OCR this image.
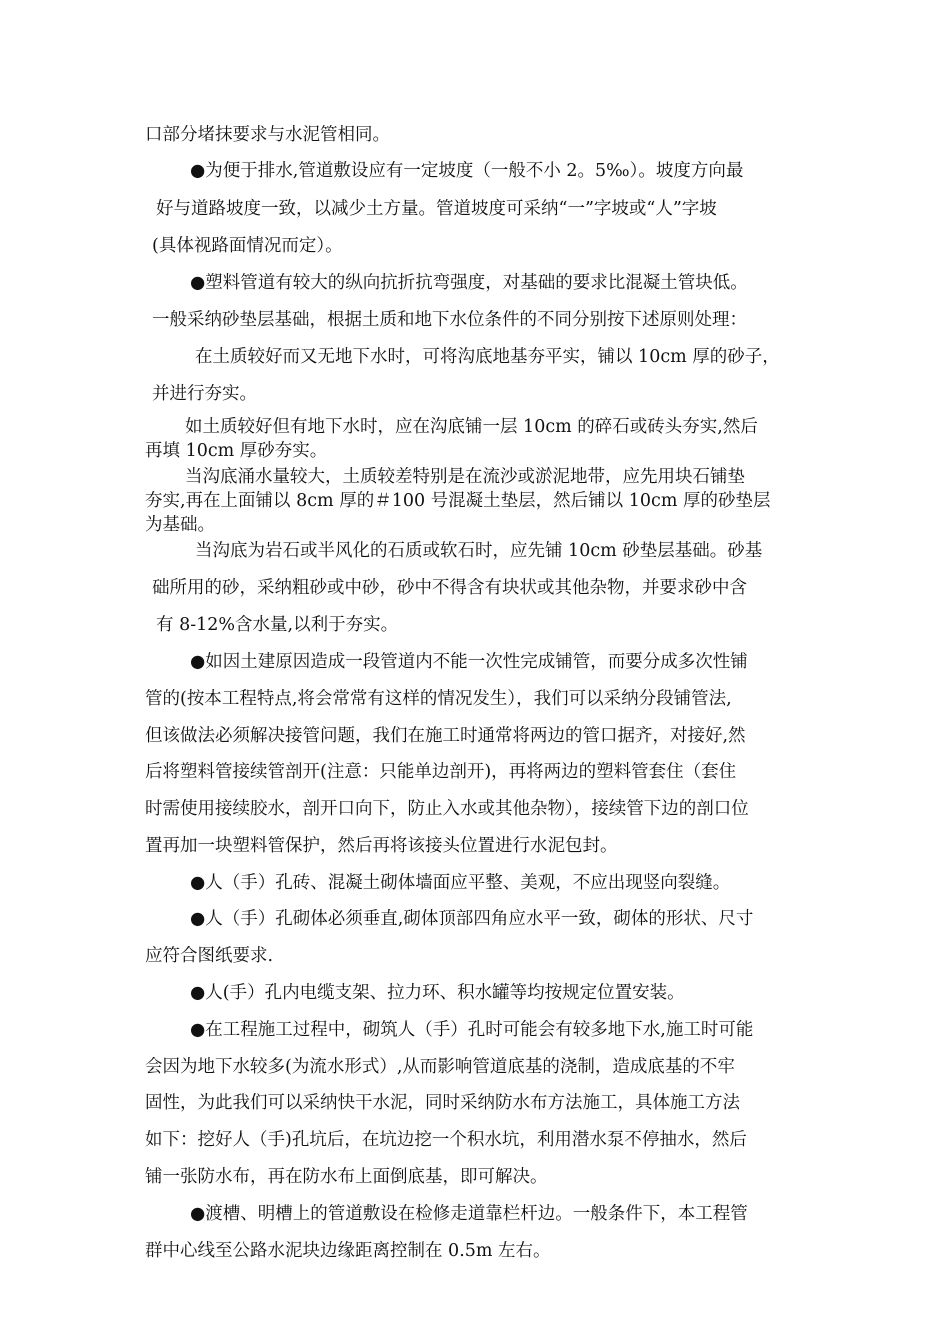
口部分堵抹要求与水泥管相同。
●为便于排水,管道敷设应有一定坡度（一般不小 2。5‰）。坡度方向最
好与道路坡度一致，以减少土方量。管道坡度可采纳“一”字坡或“人”字坡
(具体视路面情况而定）。
●塑料管道有较大的纵向抗折抗弯强度，对基础的要求比混凝土管块低。
一般采纳砂垫层基础，根据土质和地下水位条件的不同分别按下述原则处理：
在土质较好而又无地下水时，可将沟底地基夯平实，铺以 10cm 厚的砂子，
并进行夯实。
如土质较好但有地下水时，应在沟底铺一层 10cm 的碎石或砖头夯实,然后
再填 10cm 厚砂夯实。
当沟底涌水量较大，土质较差特别是在流沙或淤泥地带，应先用块石铺垫
夯实,再在上面铺以 8cm 厚的＃100 号混凝土垫层，然后铺以 10cm 厚的砂垫层
为基础。
当沟底为岩石或半风化的石质或软石时，应先铺 10cm 砂垫层基础。砂基
础所用的砂，采纳粗砂或中砂，砂中不得含有块状或其他杂物，并要求砂中含
有 8-12%含水量,以利于夯实。
●如因土建原因造成一段管道内不能一次性完成铺管，而要分成多次性铺
管的(按本工程特点,将会常常有这样的情况发生），我们可以采纳分段铺管法,
但该做法必须解决接管问题，我们在施工时通常将两边的管口据齐，对接好,然
后将塑料管接续管剖开(注意：只能单边剖开)，再将两边的塑料管套住（套住
时需使用接续胶水，剖开口向下，防止入水或其他杂物），接续管下边的剖口位
置再加一块塑料管保护，然后再将该接头位置进行水泥包封。
●人（手）孔砖、混凝土砌体墙面应平整、美观，不应出现竖向裂缝。
●人（手）孔砌体必须垂直,砌体顶部四角应水平一致，砌体的形状、尺寸
应符合图纸要求.
●人(手）孔内电缆支架、拉力环、积水罐等均按规定位置安装。
●在工程施工过程中，砌筑人（手）孔时可能会有较多地下水,施工时可能
会因为地下水较多(为流水形式）,从而影响管道底基的浇制，造成底基的不牢
固性，为此我们可以采纳快干水泥，同时采纳防水布方法施工，具体施工方法
如下：挖好人（手)孔坑后，在坑边挖一个积水坑，利用潜水泵不停抽水，然后
铺一张防水布，再在防水布上面倒底基，即可解决。
●渡槽、明槽上的管道敷设在检修走道靠栏杆边。一般条件下，本工程管
群中心线至公路水泥块边缘距离控制在 0.5m 左右。
